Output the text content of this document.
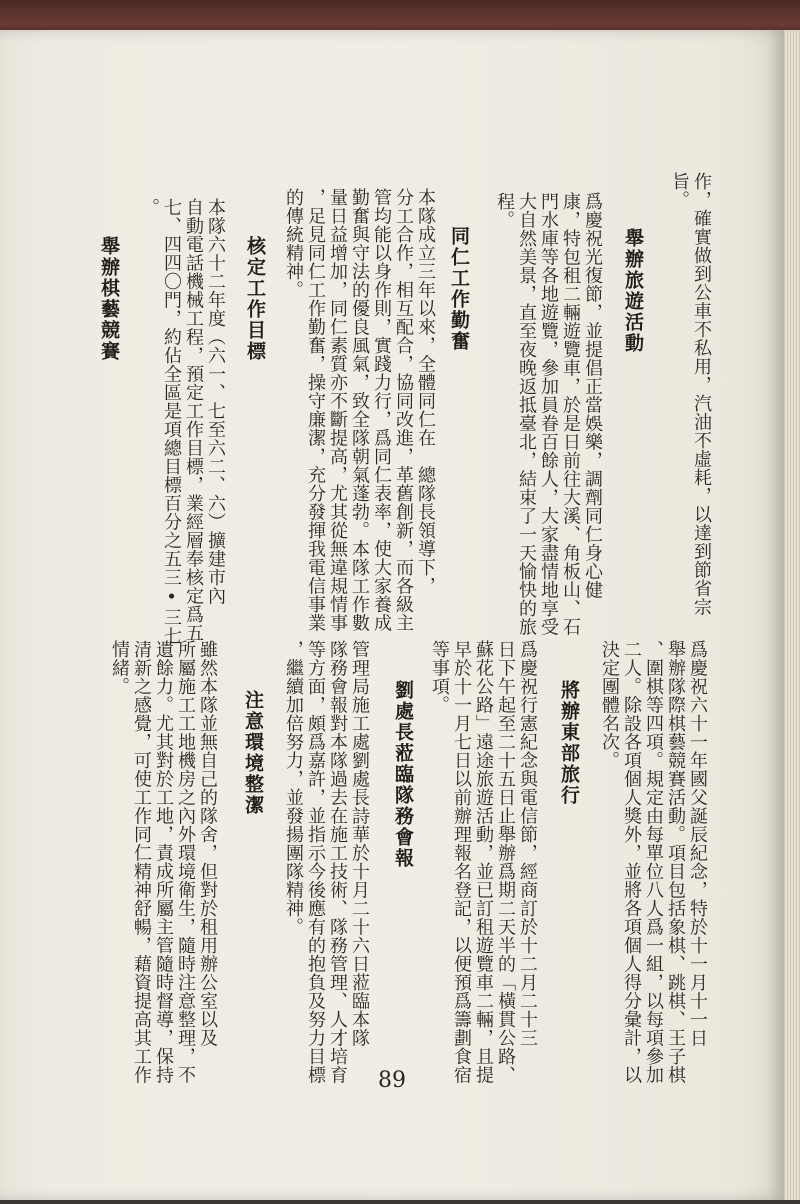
作，確實做到公車不私用，汽油不虛耗，以達到節省宗
旨。
舉辦旅遊活動
爲慶祝光復節，並提倡正當娛樂，調劑同仁身心健
康，特包租二輛遊覽車，於是日前往大溪、角板山、石
門水庫等各地遊覽，參加員眷百餘人，大家盡情地享受
大自然美景，直至夜晚返抵臺北，結束了一天愉快的旅
程。
同仁工作勤奮
本隊成立三年以來，全體同仁在　總隊長領導下，
分工合作，相互配合，協同改進，革舊創新，而各級主
管均能以身作則，實踐力行，爲同仁表率，使大家養成
勤奮與守法的優良風氣，致全隊朝氣蓬勃。本隊工作數
量日益增加，同仁素質亦不斷提高，尤其從無違規情事
，足見同仁工作勤奮，操守廉潔，充分發揮我電信事業
的傳統精神。
核定工作目標
本隊六十二年度（六一、七至六二、六）擴建市內
自動電話機械工程，預定工作目標，業經層奉核定爲五
七、四四〇門，約佔全區是項總目標百分之五三•三七
。
舉辦棋藝競賽
爲慶祝六十一年國父誕辰紀念，特於十一月十一日
舉辦隊際棋藝競賽活動。項目包括象棋、跳棋、王子棋
、圍棋等四項。規定由每單位八人爲一組，以每項參加
二人。除設各項個人獎外，並將各項個人得分彙計，以
決定團體名次。
將辦東部旅行
爲慶祝行憲紀念與電信節，經商訂於十二月二十三
日下午起至二十五日止舉辦爲期二天半的「橫貫公路、
蘇花公路」遠途旅遊活動，並已訂租遊覽車二輛，且提
早於十一月七日以前辦理報名登記，以便預爲籌劃食宿
等事項。
劉處長蒞臨隊務會報
管理局施工處劉處長詩華於十月二十六日蒞臨本隊
隊務會報對本隊過去在施工技術、隊務管理、人才培育
等方面，頗爲嘉許，並指示今後應有的抱負及努力目標
，繼續加倍努力，並發揚團隊精神。
注意環境整潔
雖然本隊並無自己的隊舍，但對於租用辦公室以及
所屬施工工地機房之內外環境衛生，隨時注意整理，不
遺餘力。尤其對於工地，責成所屬主管隨時督導，保持
清新之感覺，可使工作同仁精神舒暢，藉資提高其工作
情緒。
89
